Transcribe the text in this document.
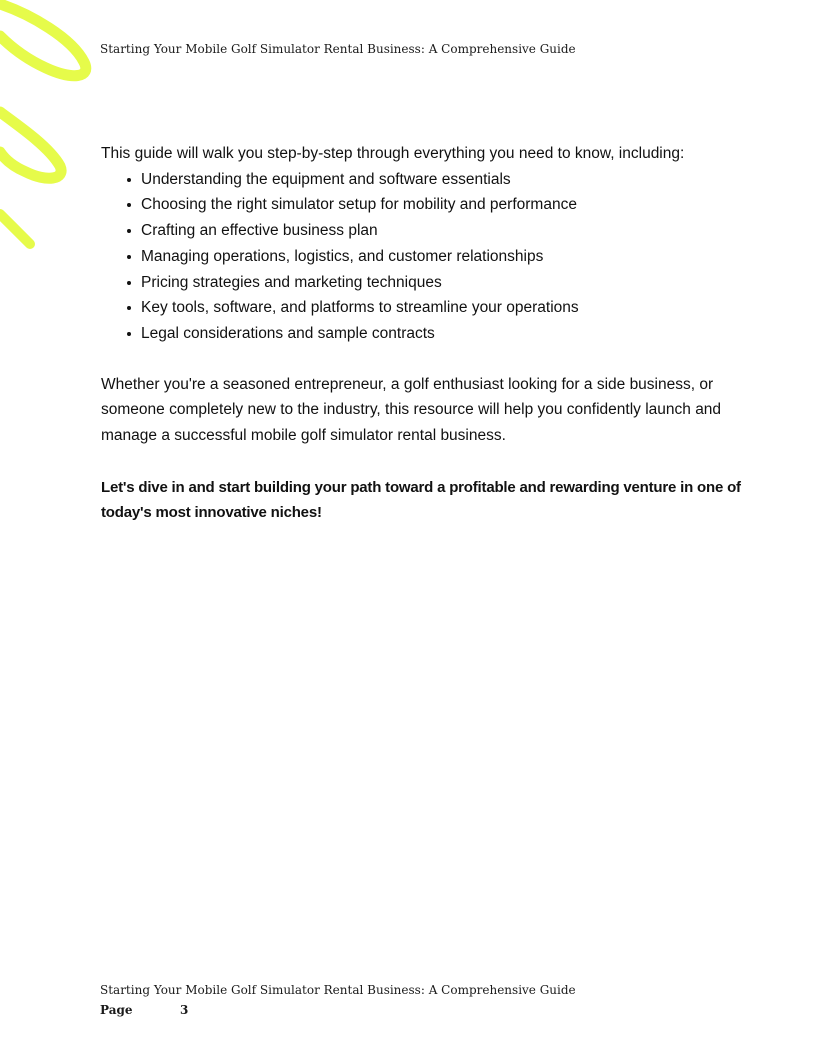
Starting Your Mobile Golf Simulator Rental Business: A Comprehensive Guide

This guide will walk you step-by-step through everything you need to know, including:

Understanding the equipment and software essentials
Choosing the right simulator setup for mobility and performance
Crafting an effective business plan
Managing operations, logistics, and customer relationships
Pricing strategies and marketing techniques
Key tools, software, and platforms to streamline your operations
Legal considerations and sample contracts

Whether you're a seasoned entrepreneur, a golf enthusiast looking for a side business, or someone completely new to the industry, this resource will help you confidently launch and manage a successful mobile golf simulator rental business.

Let's dive in and start building your path toward a profitable and rewarding venture in one of today's most innovative niches!

Starting Your Mobile Golf Simulator Rental Business: A Comprehensive Guide
Page	3
